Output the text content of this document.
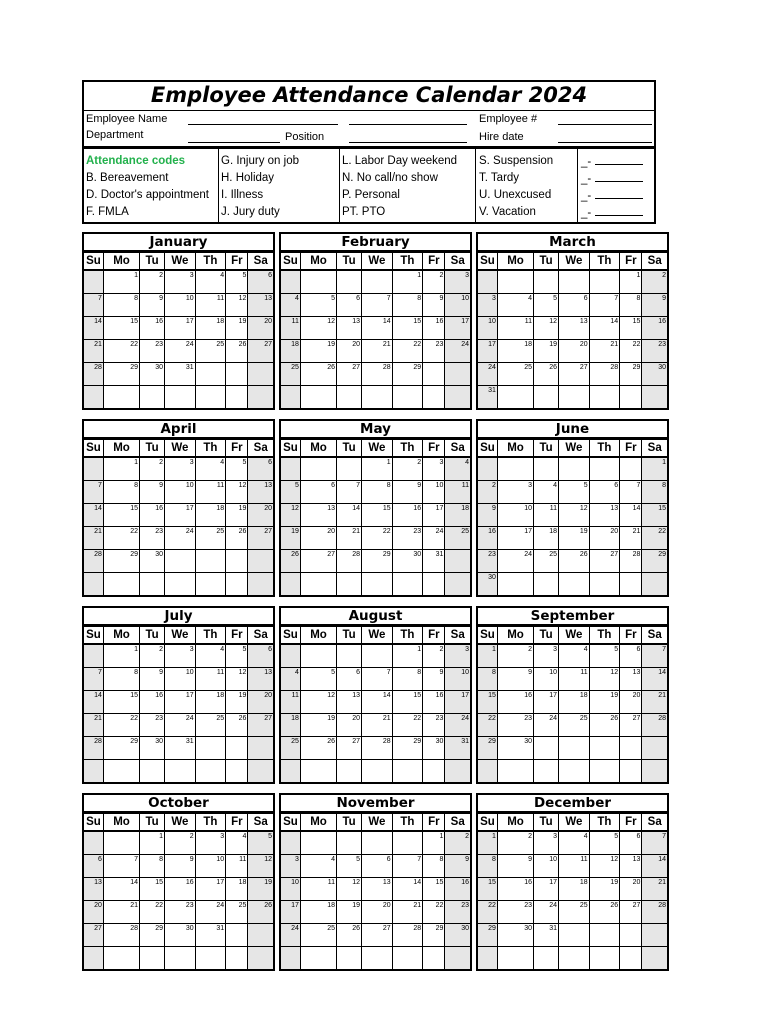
Employee Attendance Calendar 2024
Employee Name	Employee #
Department	Position	Hire date
Attendance codes
B. Bereavement
D. Doctor's appointment
F. FMLA
G. Injury on job
H. Holiday
I. Illness
J. Jury duty
L. Labor Day weekend
N. No call/no show
P. Personal
PT. PTO
S. Suspension
T. Tardy
U. Unexcused
V. Vacation
_-
_-
_-
_-
January
Su	Mo	Tu	We	Th	Fr	Sa
	1	2	3	4	5	6
7	8	9	10	11	12	13
14	15	16	17	18	19	20
21	22	23	24	25	26	27
28	29	30	31			

February
Su	Mo	Tu	We	Th	Fr	Sa
				1	2	3
4	5	6	7	8	9	10
11	12	13	14	15	16	17
18	19	20	21	22	23	24
25	26	27	28	29		

March
Su	Mo	Tu	We	Th	Fr	Sa
					1	2
3	4	5	6	7	8	9
10	11	12	13	14	15	16
17	18	19	20	21	22	23
24	25	26	27	28	29	30
31						
April
Su	Mo	Tu	We	Th	Fr	Sa
	1	2	3	4	5	6
7	8	9	10	11	12	13
14	15	16	17	18	19	20
21	22	23	24	25	26	27
28	29	30				

May
Su	Mo	Tu	We	Th	Fr	Sa
			1	2	3	4
5	6	7	8	9	10	11
12	13	14	15	16	17	18
19	20	21	22	23	24	25
26	27	28	29	30	31	

June
Su	Mo	Tu	We	Th	Fr	Sa
						1
2	3	4	5	6	7	8
9	10	11	12	13	14	15
16	17	18	19	20	21	22
23	24	25	26	27	28	29
30						
July
Su	Mo	Tu	We	Th	Fr	Sa
	1	2	3	4	5	6
7	8	9	10	11	12	13
14	15	16	17	18	19	20
21	22	23	24	25	26	27
28	29	30	31			

August
Su	Mo	Tu	We	Th	Fr	Sa
				1	2	3
4	5	6	7	8	9	10
11	12	13	14	15	16	17
18	19	20	21	22	23	24
25	26	27	28	29	30	31

September
Su	Mo	Tu	We	Th	Fr	Sa
1	2	3	4	5	6	7
8	9	10	11	12	13	14
15	16	17	18	19	20	21
22	23	24	25	26	27	28
29	30					

October
Su	Mo	Tu	We	Th	Fr	Sa
		1	2	3	4	5
6	7	8	9	10	11	12
13	14	15	16	17	18	19
20	21	22	23	24	25	26
27	28	29	30	31		

November
Su	Mo	Tu	We	Th	Fr	Sa
					1	2
3	4	5	6	7	8	9
10	11	12	13	14	15	16
17	18	19	20	21	22	23
24	25	26	27	28	29	30

December
Su	Mo	Tu	We	Th	Fr	Sa
1	2	3	4	5	6	7
8	9	10	11	12	13	14
15	16	17	18	19	20	21
22	23	24	25	26	27	28
29	30	31				
